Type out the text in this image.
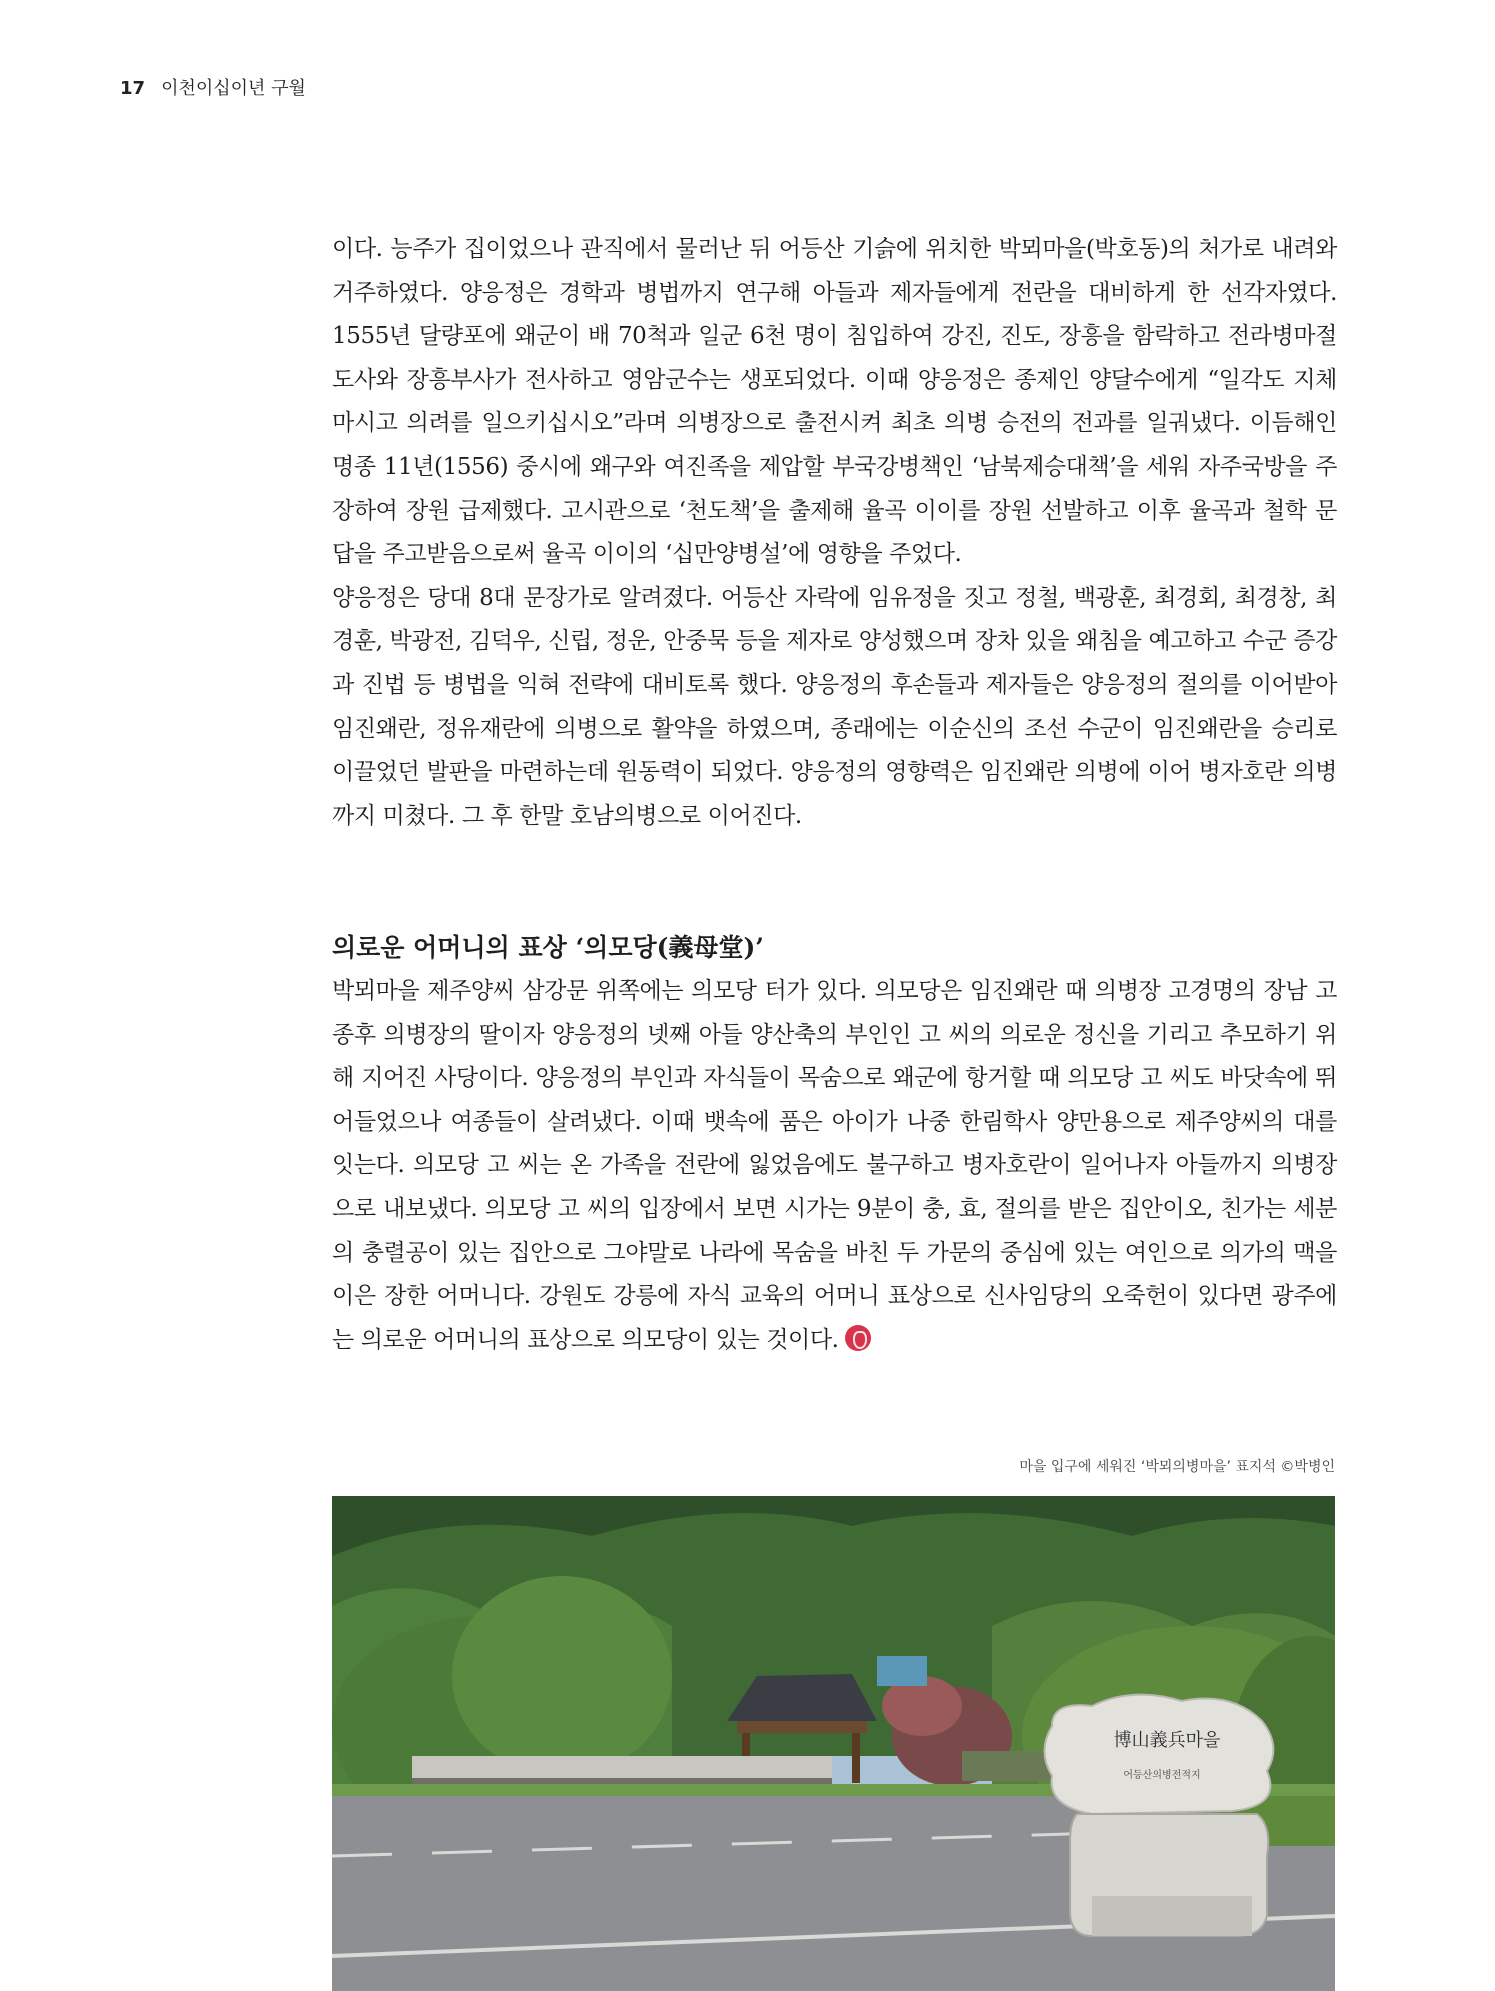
17 이천이십이년 구월

이다. 능주가 집이었으나 관직에서 물러난 뒤 어등산 기슭에 위치한 박뫼마을(박호동)의 처가로 내려와 거주하였다. 양응정은 경학과 병법까지 연구해 아들과 제자들에게 전란을 대비하게 한 선각자였다. 1555년 달량포에 왜군이 배 70척과 일군 6천 명이 침입하여 강진, 진도, 장흥을 함락하고 전라병마절도사와 장흥부사가 전사하고 영암군수는 생포되었다. 이때 양응정은 종제인 양달수에게 “일각도 지체 마시고 의려를 일으키십시오”라며 의병장으로 출전시켜 최초 의병 승전의 전과를 일궈냈다. 이듬해인 명종 11년(1556) 중시에 왜구와 여진족을 제압할 부국강병책인 ‘남북제승대책’을 세워 자주국방을 주장하여 장원 급제했다. 고시관으로 ‘천도책’을 출제해 율곡 이이를 장원 선발하고 이후 율곡과 철학 문답을 주고받음으로써 율곡 이이의 ‘십만양병설’에 영향을 주었다.

양응정은 당대 8대 문장가로 알려졌다. 어등산 자락에 임유정을 짓고 정철, 백광훈, 최경회, 최경창, 최경훈, 박광전, 김덕우, 신립, 정운, 안중묵 등을 제자로 양성했으며 장차 있을 왜침을 예고하고 수군 증강과 진법 등 병법을 익혀 전략에 대비토록 했다. 양응정의 후손들과 제자들은 양응정의 절의를 이어받아 임진왜란, 정유재란에 의병으로 활약을 하였으며, 종래에는 이순신의 조선 수군이 임진왜란을 승리로 이끌었던 발판을 마련하는데 원동력이 되었다. 양응정의 영향력은 임진왜란 의병에 이어 병자호란 의병까지 미쳤다. 그 후 한말 호남의병으로 이어진다.

의로운 어머니의 표상 ‘의모당(義母堂)’

박뫼마을 제주양씨 삼강문 위쪽에는 의모당 터가 있다. 의모당은 임진왜란 때 의병장 고경명의 장남 고종후 의병장의 딸이자 양응정의 넷째 아들 양산축의 부인인 고 씨의 의로운 정신을 기리고 추모하기 위해 지어진 사당이다. 양응정의 부인과 자식들이 목숨으로 왜군에 항거할 때 의모당 고 씨도 바닷속에 뛰어들었으나 여종들이 살려냈다. 이때 뱃속에 품은 아이가 나중 한림학사 양만용으로 제주양씨의 대를 잇는다. 의모당 고 씨는 온 가족을 전란에 잃었음에도 불구하고 병자호란이 일어나자 아들까지 의병장으로 내보냈다. 의모당 고 씨의 입장에서 보면 시가는 9분이 충, 효, 절의를 받은 집안이오, 친가는 세분의 충렬공이 있는 집안으로 그야말로 나라에 목숨을 바친 두 가문의 중심에 있는 여인으로 의가의 맥을 이은 장한 어머니다. 강원도 강릉에 자식 교육의 어머니 표상으로 신사임당의 오죽헌이 있다면 광주에는 의로운 어머니의 표상으로 의모당이 있는 것이다.

마을 입구에 세워진 ‘박뫼의병마을’ 표지석 ©박병인
博山義兵마을
어등산의병전적지
